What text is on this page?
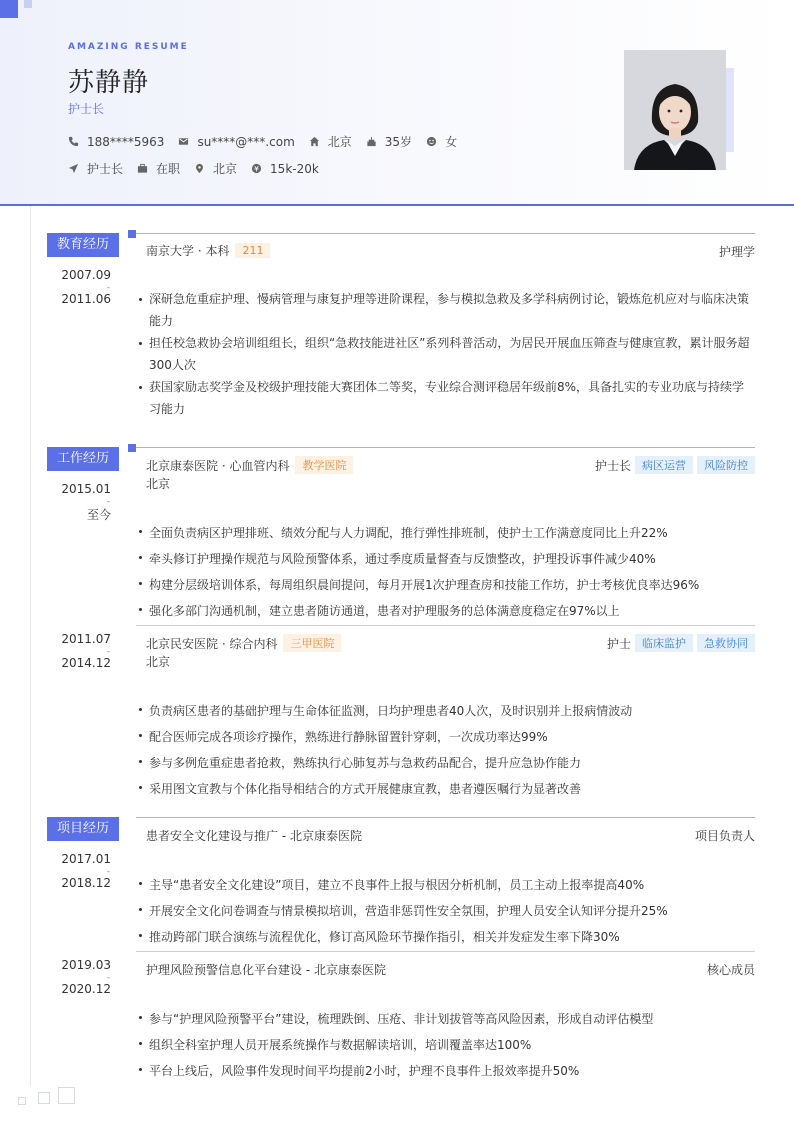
AMAZING RESUME
苏静静
护士长
188****5963	su****@***.com	北京	35岁	女
护士长	在职	北京	15k-20k
教育经历
2007.09
-
2011.06
南京大学 · 本科	211	护理学
深研急危重症护理、慢病管理与康复护理等进阶课程，参与模拟急救及多学科病例讨论，锻炼危机应对与临床决策能力
担任校急救协会培训组组长，组织“急救技能进社区”系列科普活动，为居民开展血压筛查与健康宣教，累计服务超300人次
获国家励志奖学金及校级护理技能大赛团体二等奖，专业综合测评稳居年级前8%，具备扎实的专业功底与持续学习能力
工作经历
2015.01
-
至今
北京康泰医院 · 心血管内科	教学医院	护士长	病区运营	风险防控
北京
全面负责病区护理排班、绩效分配与人力调配，推行弹性排班制，使护士工作满意度同比上升22%
牵头修订护理操作规范与风险预警体系，通过季度质量督查与反馈整改，护理投诉事件减少40%
构建分层级培训体系，每周组织晨间提问，每月开展1次护理查房和技能工作坊，护士考核优良率达96%
强化多部门沟通机制，建立患者随访通道，患者对护理服务的总体满意度稳定在97%以上
2011.07
-
2014.12
北京民安医院 · 综合内科	三甲医院	护士	临床监护	急救协同
北京
负责病区患者的基础护理与生命体征监测，日均护理患者40人次，及时识别并上报病情波动
配合医师完成各项诊疗操作，熟练进行静脉留置针穿刺，一次成功率达99%
参与多例危重症患者抢救，熟练执行心肺复苏与急救药品配合，提升应急协作能力
采用图文宣教与个体化指导相结合的方式开展健康宣教，患者遵医嘱行为显著改善
项目经历
2017.01
-
2018.12
患者安全文化建设与推广 - 北京康泰医院	项目负责人
主导“患者安全文化建设”项目，建立不良事件上报与根因分析机制，员工主动上报率提高40%
开展安全文化问卷调查与情景模拟培训，营造非惩罚性安全氛围，护理人员安全认知评分提升25%
推动跨部门联合演练与流程优化，修订高风险环节操作指引，相关并发症发生率下降30%
2019.03
-
2020.12
护理风险预警信息化平台建设 - 北京康泰医院	核心成员
参与“护理风险预警平台”建设，梳理跌倒、压疮、非计划拔管等高风险因素，形成自动评估模型
组织全科室护理人员开展系统操作与数据解读培训，培训覆盖率达100%
平台上线后，风险事件发现时间平均提前2小时，护理不良事件上报效率提升50%
